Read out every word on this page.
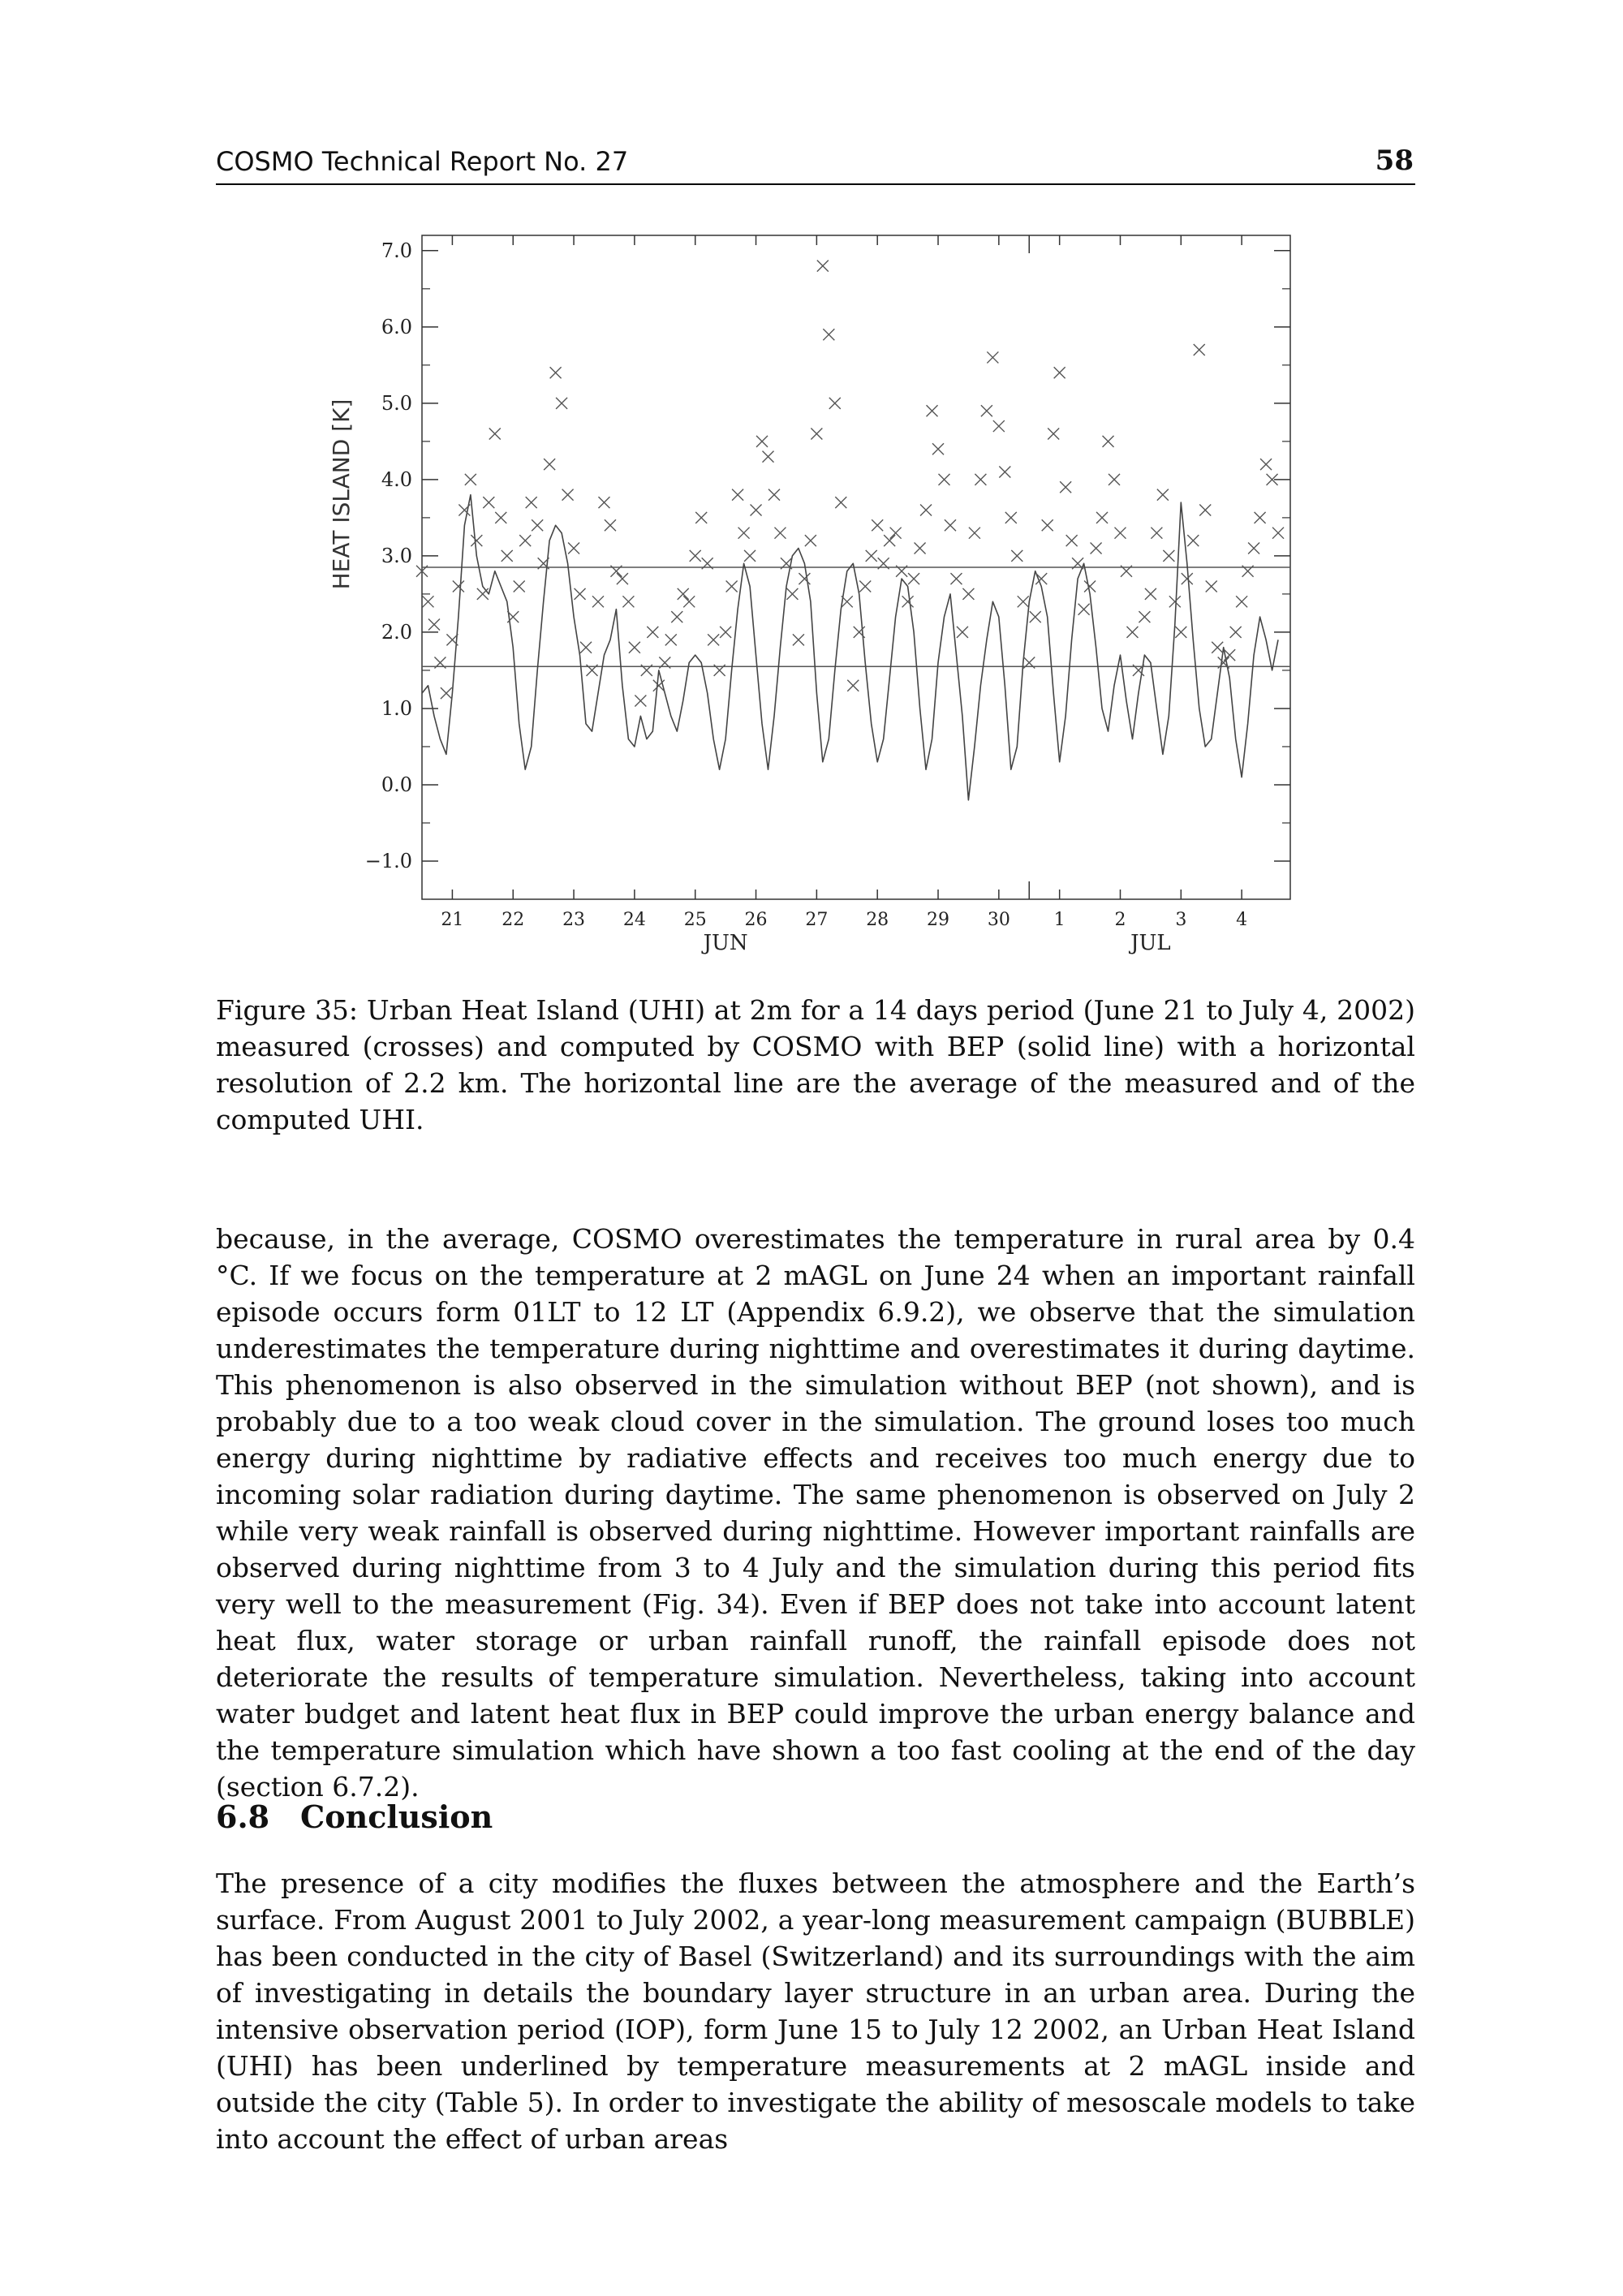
COSMO Technical Report No. 27	58
−1.0
0.0
1.0
2.0
3.0
4.0
5.0
6.0
7.0
HEAT ISLAND [K]
21 22 23 24 25 26 27 28 29 30 1	2	3	4
JUN	JUL
Figure 35: Urban Heat Island (UHI) at 2m for a 14 days period (June 21 to July 4, 2002) measured (crosses) and computed by COSMO with BEP (solid line) with a horizontal resolution of 2.2 km. The horizontal line are the average of the measured and of the computed UHI.
because, in the average, COSMO overestimates the temperature in rural area by 0.4 °C. If we focus on the temperature at 2 mAGL on June 24 when an important rainfall episode occurs form 01LT to 12 LT (Appendix 6.9.2), we observe that the simulation underestimates the temperature during nighttime and overestimates it during daytime. This phenomenon is also observed in the simulation without BEP (not shown), and is probably due to a too weak cloud cover in the simulation. The ground loses too much energy during nighttime by radiative effects and receives too much energy due to incoming solar radiation during daytime. The same phenomenon is observed on July 2 while very weak rainfall is observed during nighttime. However important rainfalls are observed during nighttime from 3 to 4 July and the simulation during this period fits very well to the measurement (Fig. 34). Even if BEP does not take into account latent heat flux, water storage or urban rainfall runoff, the rainfall episode does not deteriorate the results of temperature simulation. Nevertheless, taking into account water budget and latent heat flux in BEP could improve the urban energy balance and the temperature simulation which have shown a too fast cooling at the end of the day (section 6.7.2).
6.8 Conclusion
The presence of a city modifies the fluxes between the atmosphere and the Earth’s surface. From August 2001 to July 2002, a year-long measurement campaign (BUBBLE) has been conducted in the city of Basel (Switzerland) and its surroundings with the aim of investigating in details the boundary layer structure in an urban area. During the intensive observation period (IOP), form June 15 to July 12 2002, an Urban Heat Island (UHI) has been underlined by temperature measurements at 2 mAGL inside and outside the city (Table 5). In order to investigate the ability of mesoscale models to take into account the effect of urban areas
